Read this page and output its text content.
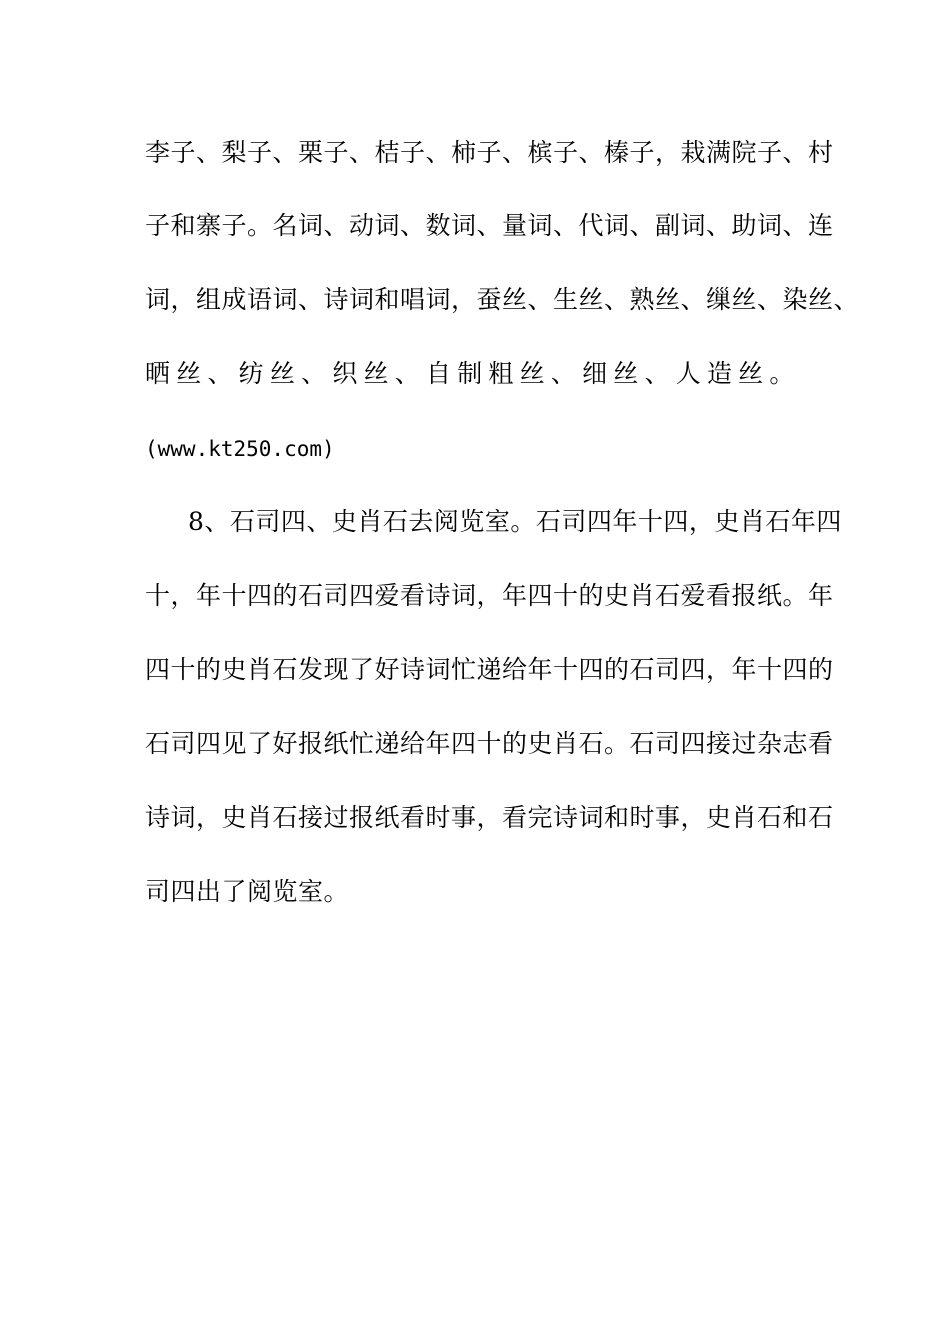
李子、梨子、栗子、桔子、柿子、槟子、榛子，栽满院子、村
子和寨子。名词、动词、数词、量词、代词、副词、助词、连
词，组成语词、诗词和唱词，蚕丝、生丝、熟丝、缫丝、染丝、
晒 丝 、 纺 丝 、 织 丝 、 自 制 粗 丝 、 细 丝 、 人 造 丝 。
(www.kt250.com)
8、石司四、史肖石去阅览室。石司四年十四，史肖石年四
十，年十四的石司四爱看诗词，年四十的史肖石爱看报纸。年
四十的史肖石发现了好诗词忙递给年十四的石司四，年十四的
石司四见了好报纸忙递给年四十的史肖石。石司四接过杂志看
诗词，史肖石接过报纸看时事，看完诗词和时事，史肖石和石
司四出了阅览室。
